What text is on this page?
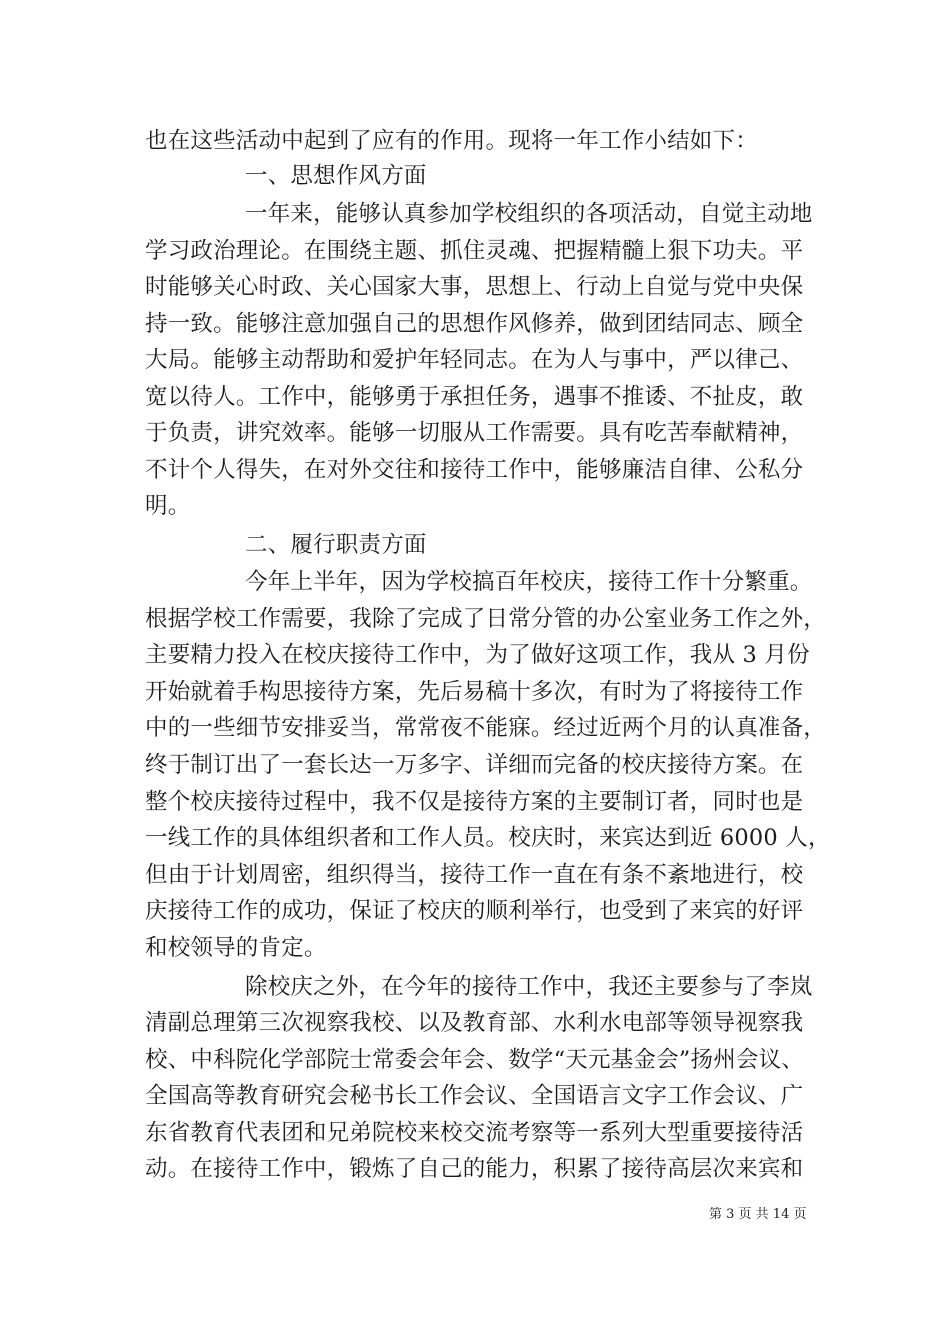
也在这些活动中起到了应有的作用。现将一年工作小结如下：
一、思想作风方面
一年来，能够认真参加学校组织的各项活动，自觉主动地
学习政治理论。在围绕主题、抓住灵魂、把握精髓上狠下功夫。平
时能够关心时政、关心国家大事，思想上、行动上自觉与党中央保
持一致。能够注意加强自己的思想作风修养，做到团结同志、顾全
大局。能够主动帮助和爱护年轻同志。在为人与事中，严以律己、
宽以待人。工作中，能够勇于承担任务，遇事不推诿、不扯皮，敢
于负责，讲究效率。能够一切服从工作需要。具有吃苦奉献精神，
不计个人得失，在对外交往和接待工作中，能够廉洁自律、公私分
明。
二、履行职责方面
今年上半年，因为学校搞百年校庆，接待工作十分繁重。
根据学校工作需要，我除了完成了日常分管的办公室业务工作之外，
主要精力投入在校庆接待工作中，为了做好这项工作，我从 3 月份
开始就着手构思接待方案，先后易稿十多次，有时为了将接待工作
中的一些细节安排妥当，常常夜不能寐。经过近两个月的认真准备，
终于制订出了一套长达一万多字、详细而完备的校庆接待方案。在
整个校庆接待过程中，我不仅是接待方案的主要制订者，同时也是
一线工作的具体组织者和工作人员。校庆时，来宾达到近 6000 人，
但由于计划周密，组织得当，接待工作一直在有条不紊地进行，校
庆接待工作的成功，保证了校庆的顺利举行，也受到了来宾的好评
和校领导的肯定。
除校庆之外，在今年的接待工作中，我还主要参与了李岚
清副总理第三次视察我校、以及教育部、水利水电部等领导视察我
校、中科院化学部院士常委会年会、数学“天元基金会”扬州会议、
全国高等教育研究会秘书长工作会议、全国语言文字工作会议、广
东省教育代表团和兄弟院校来校交流考察等一系列大型重要接待活
动。在接待工作中，锻炼了自己的能力，积累了接待高层次来宾和
第 3 页 共 14 页
